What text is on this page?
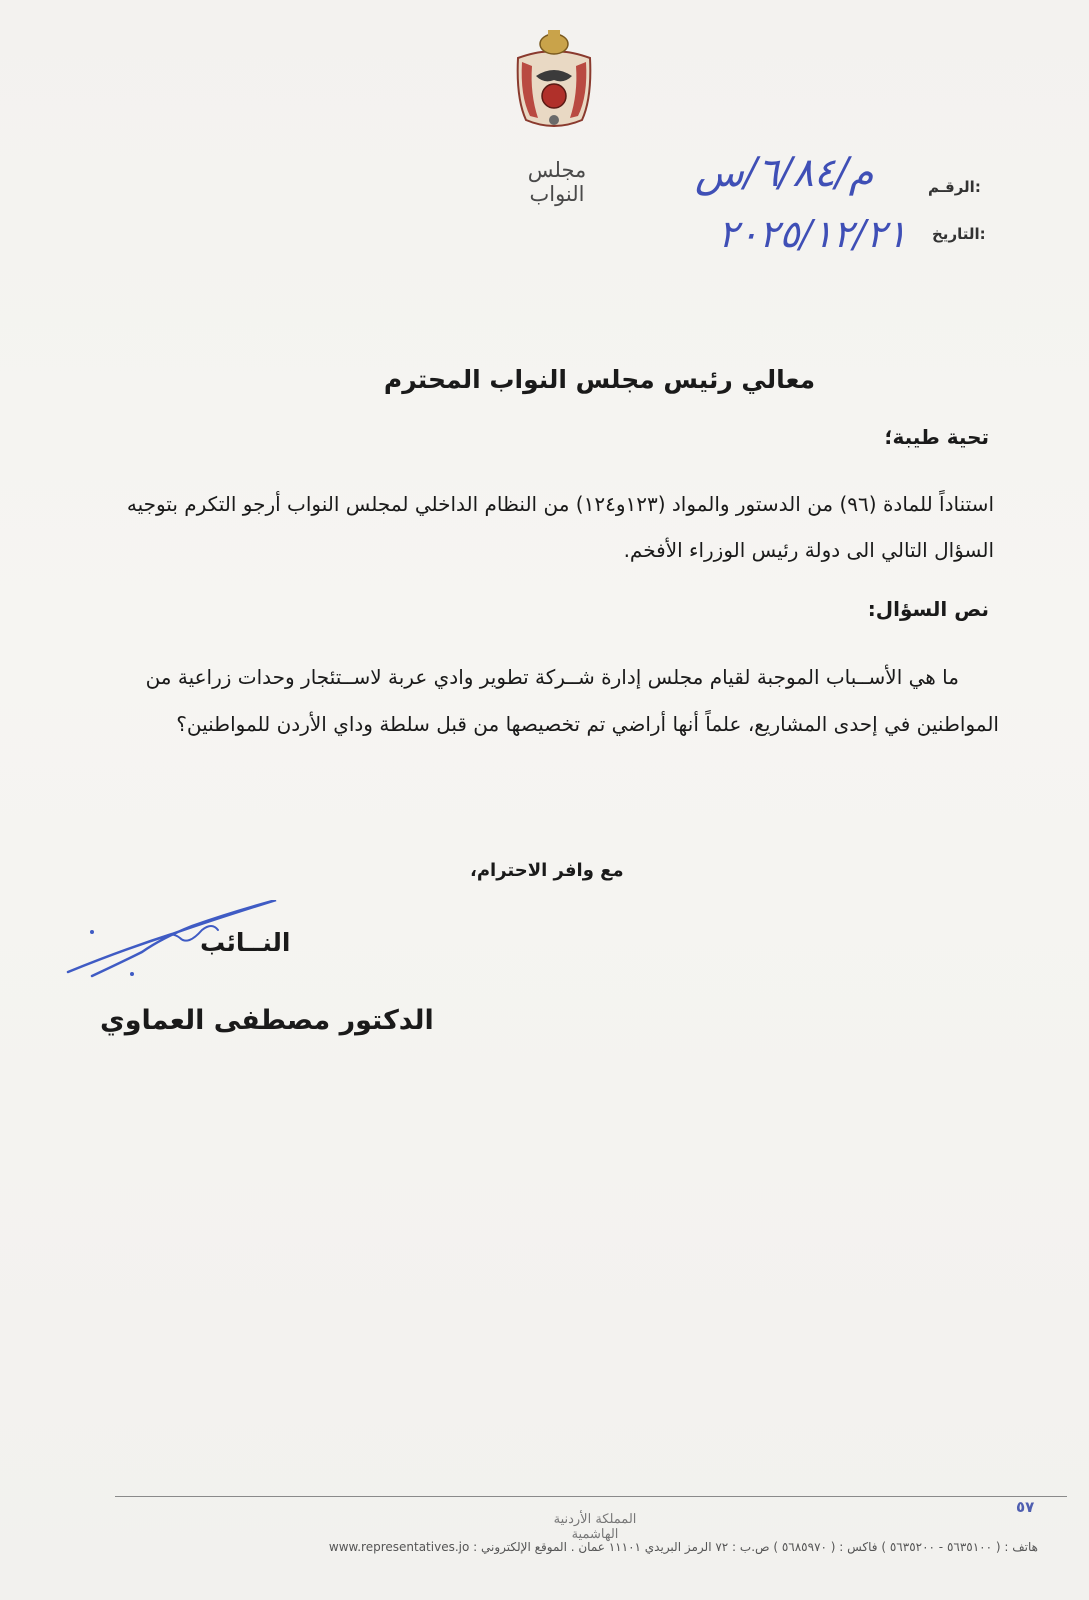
مجلس النواب	الرقـم:
م/٦/٨٤/س
التاريخ:
٢٠٢٥/١٢/٢١
معالي رئيس مجلس النواب المحترم
تحية طيبة؛
استناداً للمادة (٩٦) من الدستور والمواد (١٢٣و١٢٤) من النظام الداخلي لمجلس النواب أرجو التكرم بتوجيه
السؤال التالي الى دولة رئيس الوزراء الأفخم.
نص السؤال:
ما هي الأســباب الموجبة لقيام مجلس إدارة شــركة تطوير وادي عربة لاســتئجار وحدات زراعية من
المواطنين في إحدى المشاريع، علماً أنها أراضي تم تخصيصها من قبل سلطة وداي الأردن للمواطنين؟
مع وافر الاحترام،
النــائب
الدكتور مصطفى العماوي
٥٧
المملكة الأردنية الهاشمية
هاتف : ( ٥٦٣٥١٠٠ - ٥٦٣٥٢٠٠ ) فاكس : ( ٥٦٨٥٩٧٠ ) ص.ب : ٧٢ الرمز البريدي ١١١٠١ عمان . الموقع الإلكتروني : www.representatives.jo
